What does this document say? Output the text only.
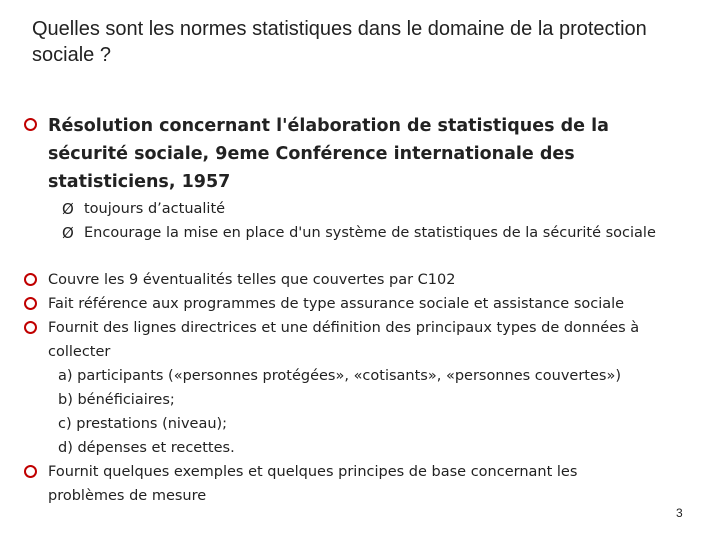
Quelles sont les normes statistiques dans le domaine de la protection sociale ?
Résolution concernant l'élaboration de statistiques de la sécurité sociale, 9eme Conférence internationale des statisticiens, 1957
Ø toujours d’actualité
Ø Encourage la mise en place d'un système de statistiques de la sécurité sociale
Couvre les 9 éventualités telles que couvertes par C102
Fait référence aux programmes de type assurance sociale et assistance sociale
Fournit des lignes directrices et une définition des principaux types de données à collecter
a) participants («personnes protégées», «cotisants», «personnes couvertes»)
b) bénéficiaires;
c) prestations (niveau);
d) dépenses et recettes.
Fournit quelques exemples et quelques principes de base concernant les problèmes de mesure
3
